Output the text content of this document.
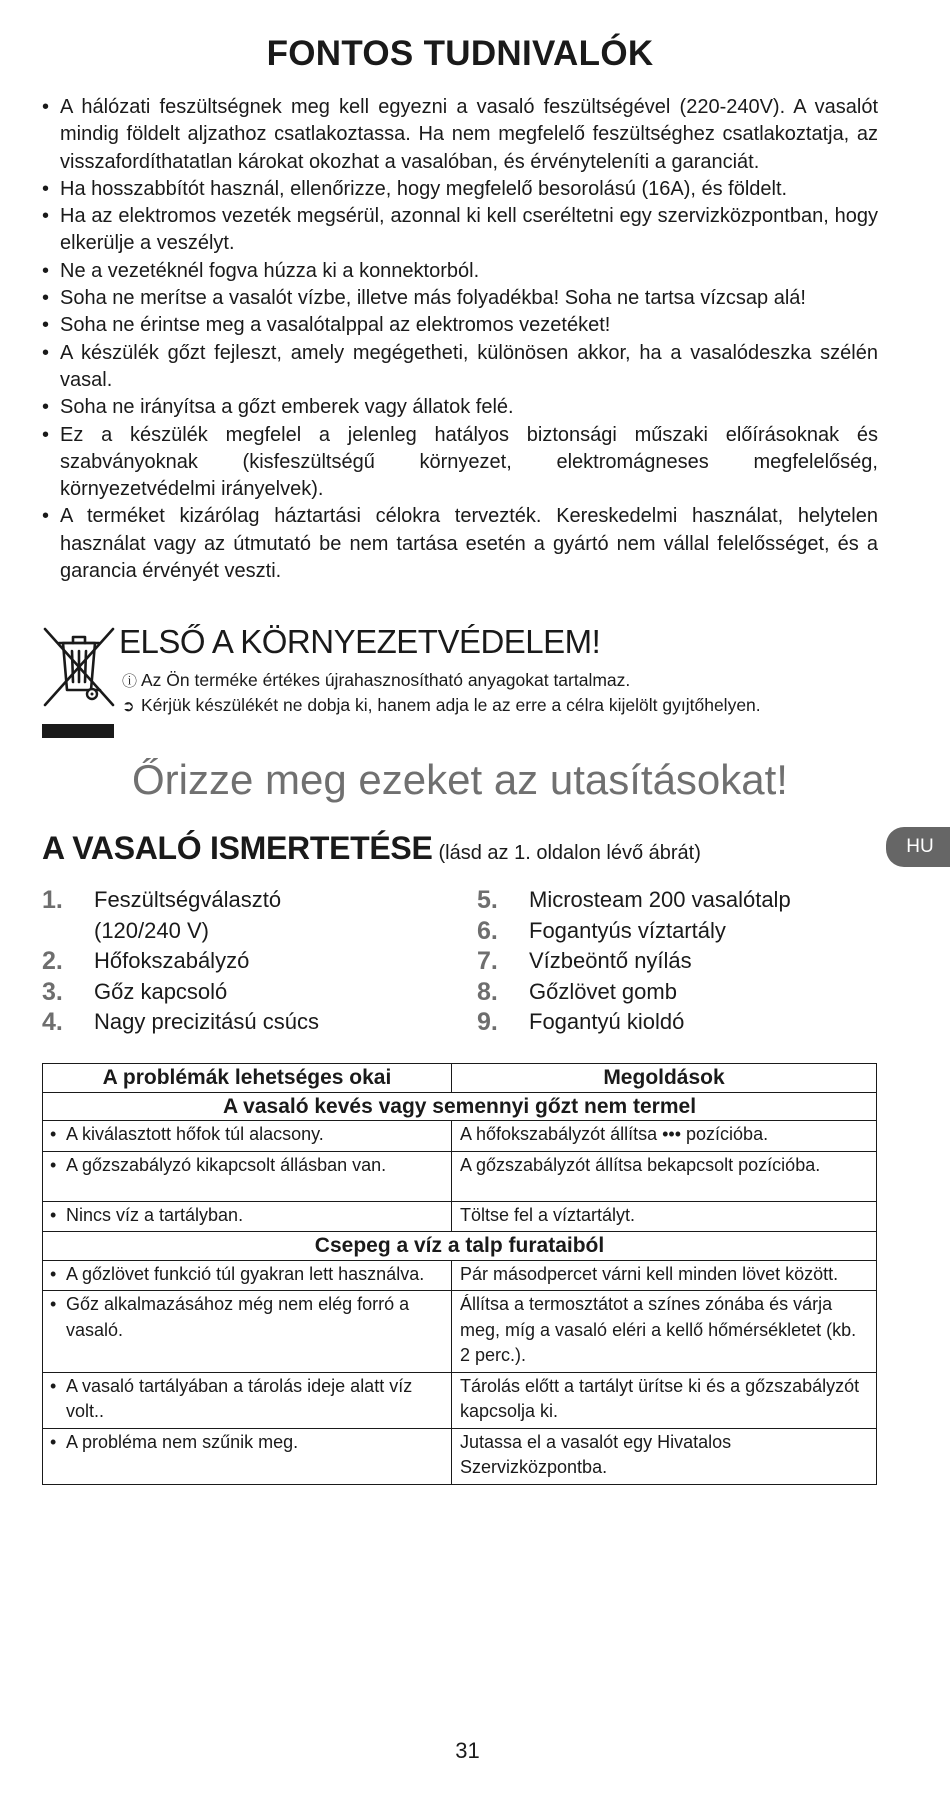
FONTOS TUDNIVALÓK
• A hálózati feszültségnek meg kell egyezni a vasaló feszültségével (220-240V). A vasalót mindig földelt aljzathoz csatlakoztassa. Ha nem megfelelő feszültséghez csatlakoztatja, az visszafordíthatatlan károkat okozhat a vasalóban, és érvényteleníti a garanciát.
• Ha hosszabbítót használ, ellenőrizze, hogy megfelelő besorolású (16A), és földelt.
• Ha az elektromos vezeték megsérül, azonnal ki kell cseréltetni egy szervizközpontban, hogy elkerülje a veszélyt.
• Ne a vezetéknél fogva húzza ki a konnektorból.
• Soha ne merítse a vasalót vízbe, illetve más folyadékba! Soha ne tartsa vízcsap alá!
• Soha ne érintse meg a vasalótalppal az elektromos vezetéket!
• A készülék gőzt fejleszt, amely megégetheti, különösen akkor, ha a vasalódeszka szélén vasal.
• Soha ne irányítsa a gőzt emberek vagy állatok felé.
• Ez a készülék megfelel a jelenleg hatályos biztonsági műszaki előírásoknak és szabványoknak (kisfeszültségű környezet, elektromágneses megfelelőség, környezetvédelmi irányelvek).
• A terméket kizárólag háztartási célokra tervezték. Kereskedelmi használat, helytelen használat vagy az útmutató be nem tartása esetén a gyártó nem vállal felelősséget, és a garancia érvényét veszti.
ELSŐ A KÖRNYEZETVÉDELEM!
ⓘ Az Ön terméke értékes újrahasznosítható anyagokat tartalmaz.
➲ Kérjük készülékét ne dobja ki, hanem adja le az erre a célra kijelölt gyıjtőhelyen.
Őrizze meg ezeket az utasításokat!
A VASALÓ ISMERTETÉSE (lásd az 1. oldalon lévő ábrát)	HU
1.	Feszültségválasztó
(120/240 V)
2.	Hőfokszabályzó
3.	Gőz kapcsoló
4.	Nagy precizitású csúcs
5.	Microsteam 200 vasalótalp
6.	Fogantyús víztartály
7.	Vízbeöntő nyílás
8.	Gőzlövet gomb
9.	Fogantyú kioldó
A problémák lehetséges okai	Megoldások
A vasaló kevés vagy semennyi gőzt nem termel	
• A kiválasztott hőfok túl alacsony.	A hőfokszabályzót állítsa ••• pozícióba.
• A gőzszabályzó kikapcsolt állásban van.	A gőzszabályzót állítsa bekapcsolt pozícióba.
• Nincs víz a tartályban.	Töltse fel a víztartályt.
Csepeg a víz a talp furataiból	
• A gőzlövet funkció túl gyakran lett használva.	Pár másodpercet várni kell minden lövet között.
• Gőz alkalmazásához még nem elég forró a vasaló.	Állítsa a termosztátot a színes zónába és várja meg, míg a vasaló eléri a kellő hőmérsékletet (kb. 2 perc.).
• A vasaló tartályában a tárolás ideje alatt víz volt..	Tárolás előtt a tartályt ürítse ki és a gőzszabályzót kapcsolja ki.
• A probléma nem szűnik meg.	Jutassa el a vasalót egy Hivatalos Szervizközpontba.
31
